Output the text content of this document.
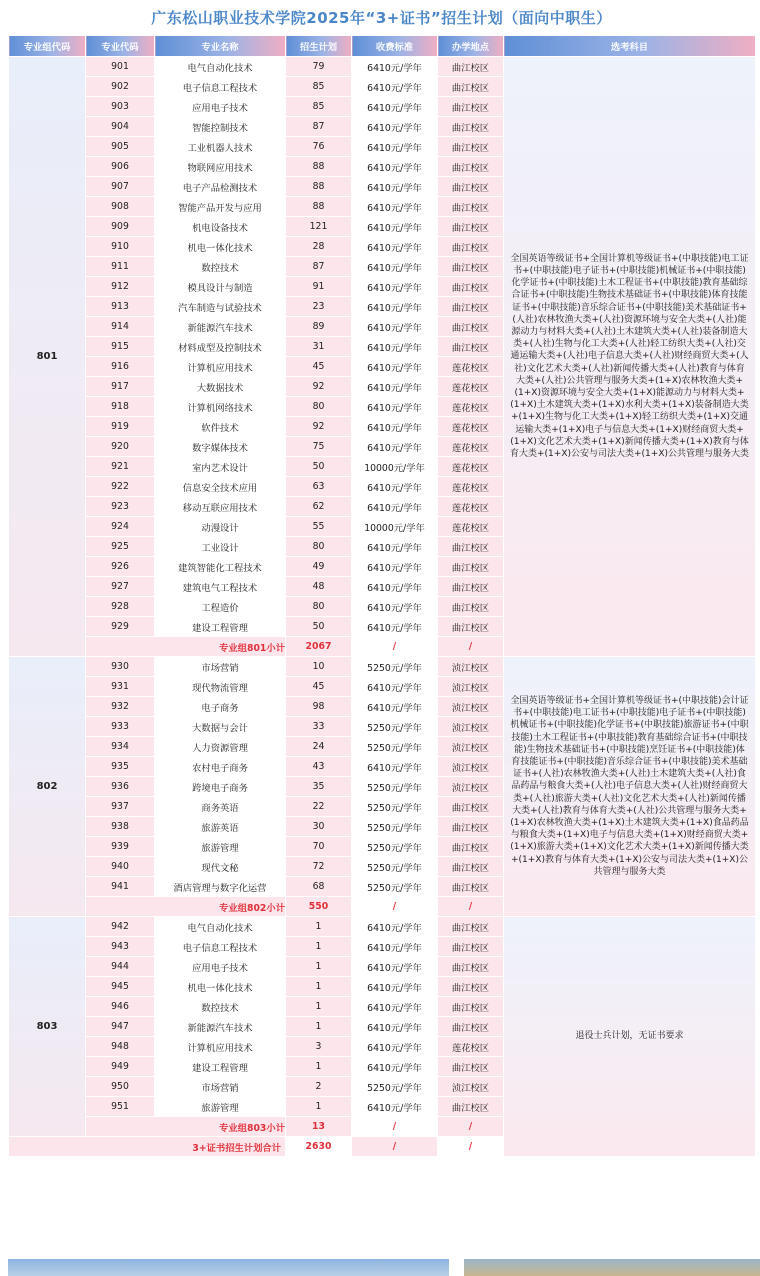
广东松山职业技术学院2025年“3+证书”招生计划（面向中职生）
专业组代码	专业代码	专业名称	招生计划	收费标准	办学地点	选考科目
801	901	电气自动化技术	79	6410元/学年	曲江校区	全国英语等级证书+全国计算机等级证书+(中职技能)电工证书+(中职技能)电子证书+(中职技能)机械证书+(中职技能)化学证书+(中职技能)土木工程证书+(中职技能)教育基础综合证书+(中职技能)生物技术基础证书+(中职技能)体育技能证书+(中职技能)音乐综合证书+(中职技能)美术基础证书+(人社)农林牧渔大类+(人社)资源环境与安全大类+(人社)能源动力与材料大类+(人社)土木建筑大类+(人社)装备制造大类+(人社)生物与化工大类+(人社)轻工纺织大类+(人社)交通运输大类+(人社)电子信息大类+(人社)财经商贸大类+(人社)文化艺术大类+(人社)新闻传播大类+(人社)教育与体育大类+(人社)公共管理与服务大类+(1+X)农林牧渔大类+(1+X)资源环境与安全大类+(1+X)能源动力与材料大类+(1+X)土木建筑大类+(1+X)水利大类+(1+X)装备制造大类+(1+X)生物与化工大类+(1+X)轻工纺织大类+(1+X)交通运输大类+(1+X)电子与信息大类+(1+X)财经商贸大类+(1+X)文化艺术大类+(1+X)新闻传播大类+(1+X)教育与体育大类+(1+X)公安与司法大类+(1+X)公共管理与服务大类
	902	电子信息工程技术	85	6410元/学年	曲江校区	
	903	应用电子技术	85	6410元/学年	曲江校区	
	904	智能控制技术	87	6410元/学年	曲江校区	
	905	工业机器人技术	76	6410元/学年	曲江校区	
	906	物联网应用技术	88	6410元/学年	曲江校区	
	907	电子产品检测技术	88	6410元/学年	曲江校区	
	908	智能产品开发与应用	88	6410元/学年	曲江校区	
	909	机电设备技术	121	6410元/学年	曲江校区	
	910	机电一体化技术	28	6410元/学年	曲江校区	
	911	数控技术	87	6410元/学年	曲江校区	
	912	模具设计与制造	91	6410元/学年	曲江校区	
	913	汽车制造与试验技术	23	6410元/学年	曲江校区	
	914	新能源汽车技术	89	6410元/学年	曲江校区	
	915	材料成型及控制技术	31	6410元/学年	曲江校区	
	916	计算机应用技术	45	6410元/学年	莲花校区	
	917	大数据技术	92	6410元/学年	莲花校区	
	918	计算机网络技术	80	6410元/学年	莲花校区	
	919	软件技术	92	6410元/学年	莲花校区	
	920	数字媒体技术	75	6410元/学年	莲花校区	
	921	室内艺术设计	50	10000元/学年	莲花校区	
	922	信息安全技术应用	63	6410元/学年	莲花校区	
	923	移动互联应用技术	62	6410元/学年	莲花校区	
	924	动漫设计	55	10000元/学年	莲花校区	
	925	工业设计	80	6410元/学年	曲江校区	
	926	建筑智能化工程技术	49	6410元/学年	曲江校区	
	927	建筑电气工程技术	48	6410元/学年	曲江校区	
	928	工程造价	80	6410元/学年	曲江校区	
	929	建设工程管理	50	6410元/学年	曲江校区	
	专业组801小计		2067	/	/	
802	930	市场营销	10	5250元/学年	浈江校区	全国英语等级证书+全国计算机等级证书+(中职技能)会计证书+(中职技能)电工证书+(中职技能)电子证书+(中职技能)机械证书+(中职技能)化学证书+(中职技能)旅游证书+(中职技能)土木工程证书+(中职技能)教育基础综合证书+(中职技能)生物技术基础证书+(中职技能)烹饪证书+(中职技能)体育技能证书+(中职技能)音乐综合证书+(中职技能)美术基础证书+(人社)农林牧渔大类+(人社)土木建筑大类+(人社)食品药品与粮食大类+(人社)电子信息大类+(人社)财经商贸大类+(人社)旅游大类+(人社)文化艺术大类+(人社)新闻传播大类+(人社)教育与体育大类+(人社)公共管理与服务大类+(1+X)农林牧渔大类+(1+X)土木建筑大类+(1+X)食品药品与粮食大类+(1+X)电子与信息大类+(1+X)财经商贸大类+(1+X)旅游大类+(1+X)文化艺术大类+(1+X)新闻传播大类+(1+X)教育与体育大类+(1+X)公安与司法大类+(1+X)公共管理与服务大类
	931	现代物流管理	45	6410元/学年	浈江校区	
	932	电子商务	98	6410元/学年	浈江校区	
	933	大数据与会计	33	5250元/学年	浈江校区	
	934	人力资源管理	24	5250元/学年	浈江校区	
	935	农村电子商务	43	6410元/学年	浈江校区	
	936	跨境电子商务	35	5250元/学年	浈江校区	
	937	商务英语	22	5250元/学年	曲江校区	
	938	旅游英语	30	5250元/学年	曲江校区	
	939	旅游管理	70	5250元/学年	曲江校区	
	940	现代文秘	72	5250元/学年	曲江校区	
	941	酒店管理与数字化运营	68	5250元/学年	曲江校区	
	专业组802小计		550	/	/	
803	942	电气自动化技术	1	6410元/学年	曲江校区	退役士兵计划，无证书要求
	943	电子信息工程技术	1	6410元/学年	曲江校区	
	944	应用电子技术	1	6410元/学年	曲江校区	
	945	机电一体化技术	1	6410元/学年	曲江校区	
	946	数控技术	1	6410元/学年	曲江校区	
	947	新能源汽车技术	1	6410元/学年	曲江校区	
	948	计算机应用技术	3	6410元/学年	莲花校区	
	949	建设工程管理	1	6410元/学年	曲江校区	
	950	市场营销	2	5250元/学年	浈江校区	
	951	旅游管理	1	6410元/学年	曲江校区	
	专业组803小计		13	/	/	
3+证书招生计划合计			2630	/	/	
